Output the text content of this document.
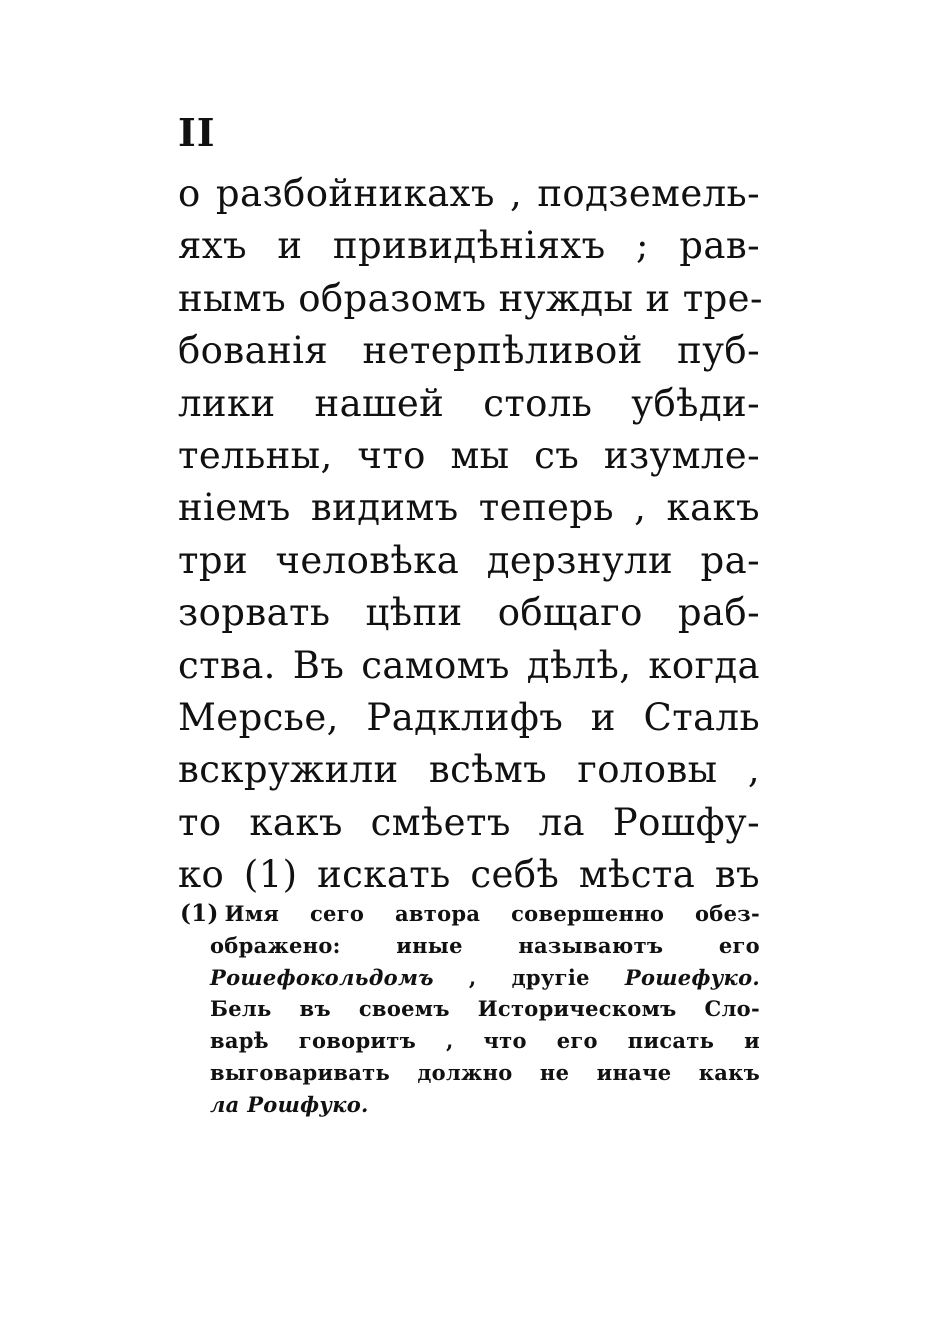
II
о разбойникахъ , подземель-
яхъ и привидѣніяхъ ; рав-
нымъ образомъ нужды и тре-
бованія нетерпѣливой пуб-
лики нашей столь убѣди-
тельны, что мы съ изумле-
ніемъ видимъ теперь , какъ
три человѣка дерзнули ра-
зорвать цѣпи общаго раб-
ства. Въ самомъ дѣлѣ, когда
Мерсье, Радклифъ и Сталь
вскружили всѣмъ головы ,
то какъ смѣетъ ла Рошфу-
ко (1) искать себѣ мѣста въ
(1) Имя сего автора совершенно обез-
ображено: иные называютъ его
Рошефокольдомъ , другіе Рошефуко.
Бель въ своемъ Историческомъ Сло-
варѣ говоритъ , что его писать и
выговаривать должно не иначе какъ
ла Рошфуко.
